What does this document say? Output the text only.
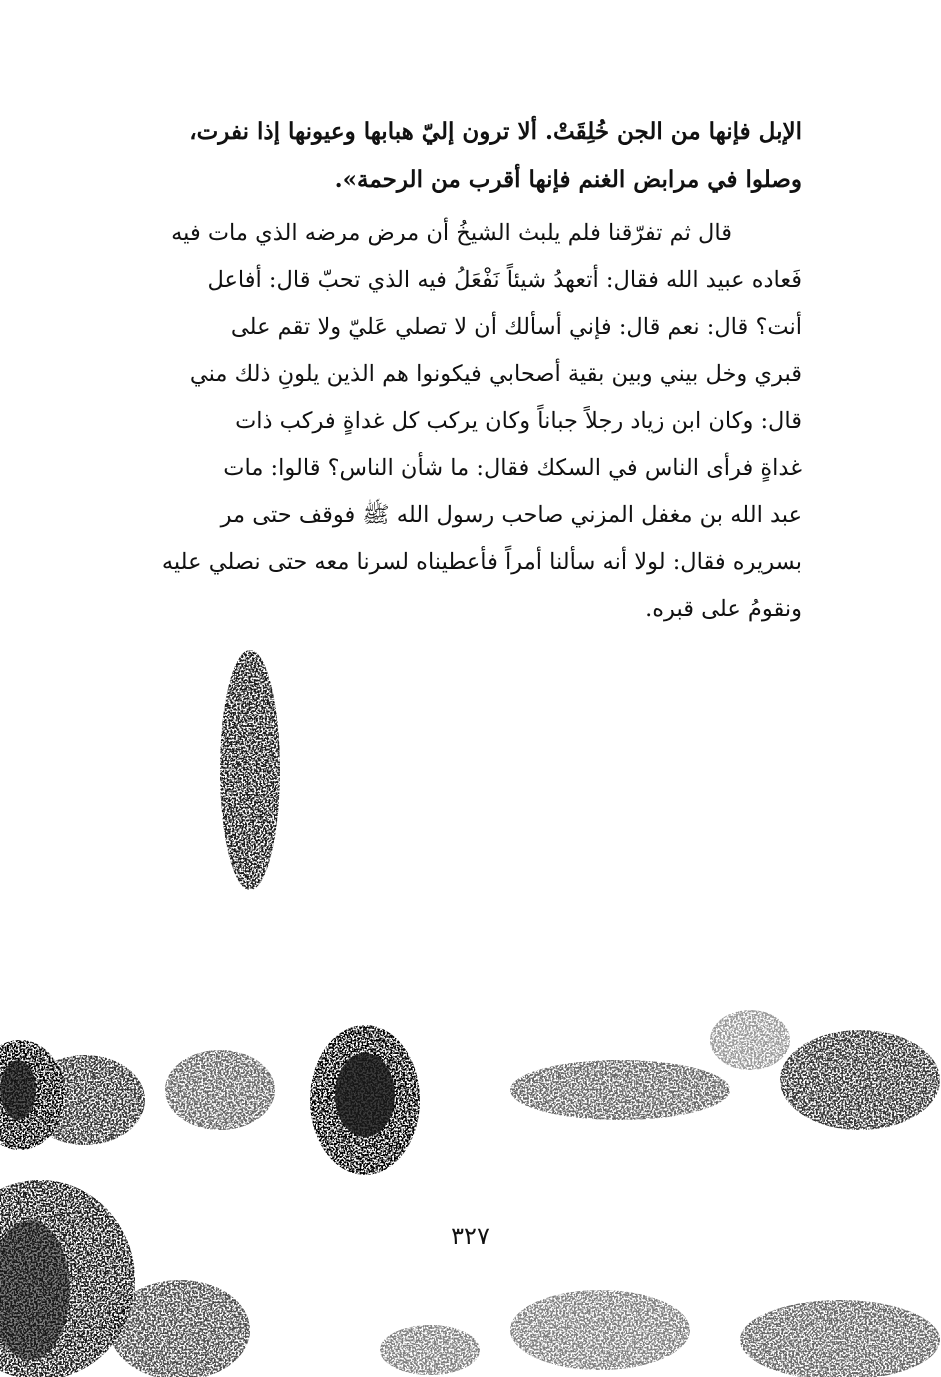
الإبل فإنها من الجن خُلِقَتْ. ألا ترون إليّ هبابها وعيونها إذا نفرت،
وصلوا في مرابض الغنم فإنها أقرب من الرحمة».
قال ثم تفرّقنا فلم يلبث الشيخُ أن مرض مرضه الذي مات فيه
فَعاده عبيد الله فقال: أتعهدُ شيئاً نَفْعَلُ فيه الذي تحبّ قال: أفاعل
أنت؟ قال: نعم قال: فإني أسألك أن لا تصلي عَليّ ولا تقم على
قبري وخل بيني وبين بقية أصحابي فيكونوا هم الذين يلونِ ذلك مني
قال: وكان ابن زياد رجلاً جباناً وكان يركب كل غداةٍ فركب ذات
غداةٍ فرأى الناس في السكك فقال: ما شأن الناس؟ قالوا: مات
عبد الله بن مغفل المزني صاحب رسول الله ﷺ فوقف حتى مر
بسريره فقال: لولا أنه سألنا أمراً فأعطيناه لسرنا معه حتى نصلي عليه
ونقومُ على قبره.
٣٢٧
